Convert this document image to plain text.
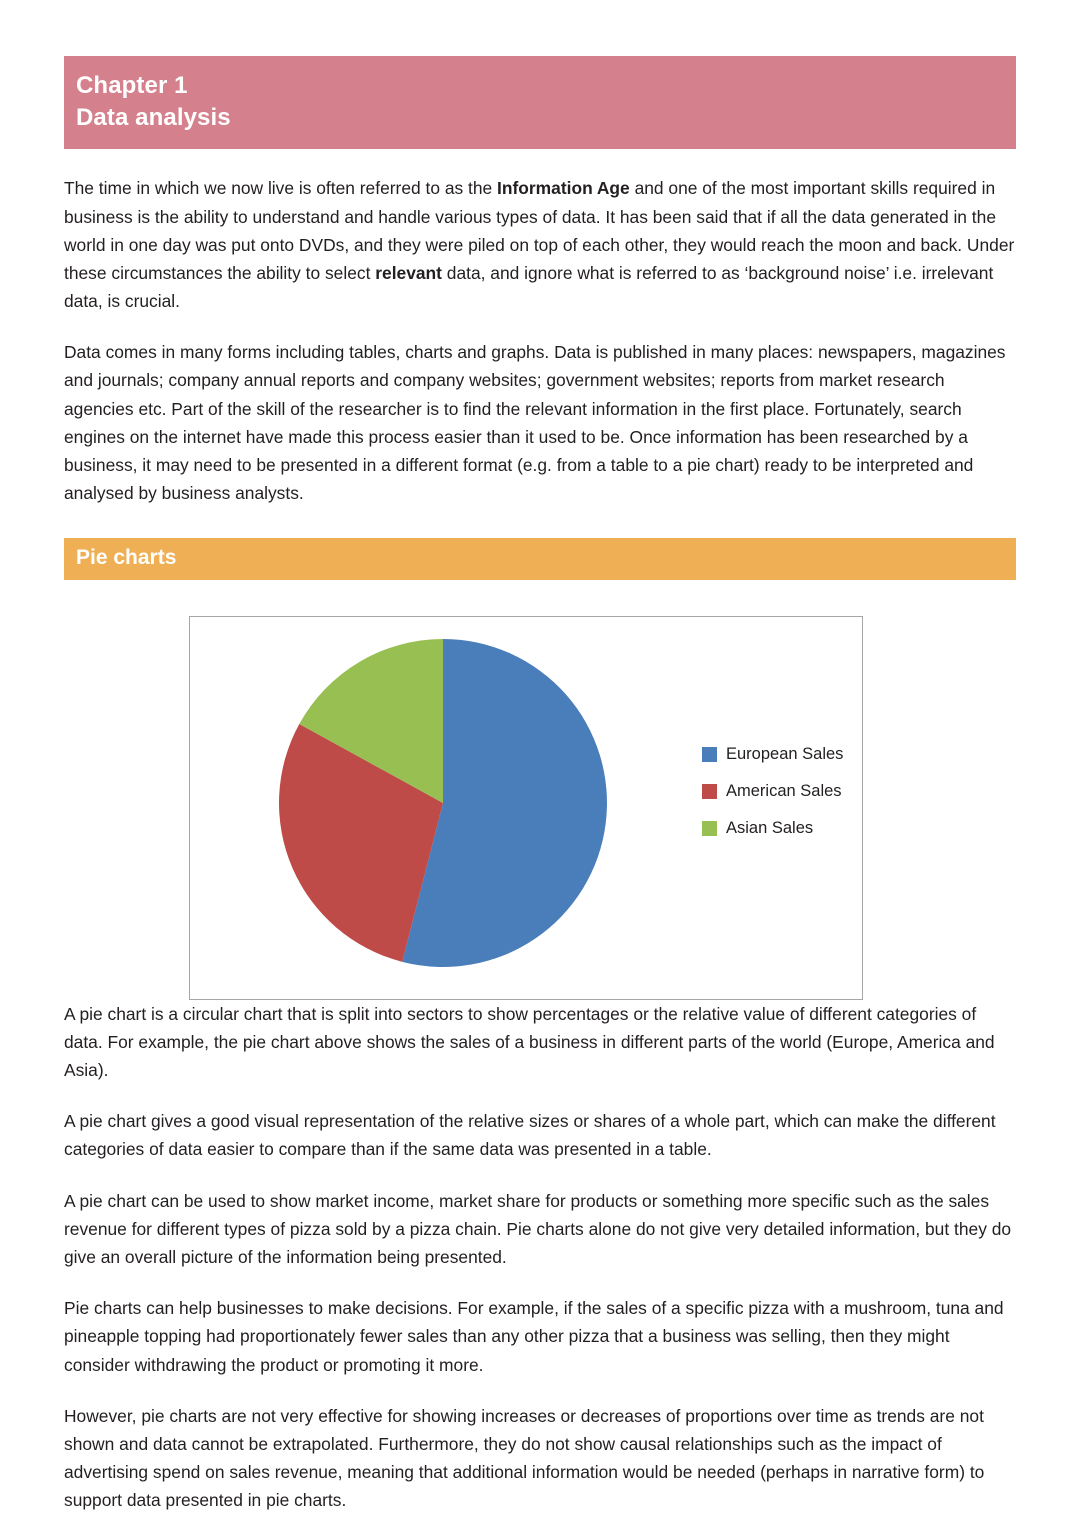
Chapter 1
Data analysis

The time in which we now live is often referred to as the Information Age and one of the most important skills required in business is the ability to understand and handle various types of data. It has been said that if all the data generated in the world in one day was put onto DVDs, and they were piled on top of each other, they would reach the moon and back. Under these circumstances the ability to select relevant data, and ignore what is referred to as ‘background noise’ i.e. irrelevant data, is crucial.

Data comes in many forms including tables, charts and graphs. Data is published in many places: newspapers, magazines and journals; company annual reports and company websites; government websites; reports from market research agencies etc. Part of the skill of the researcher is to find the relevant information in the first place. Fortunately, search engines on the internet have made this process easier than it used to be. Once information has been researched by a business, it may need to be presented in a different format (e.g. from a table to a pie chart) ready to be interpreted and analysed by business analysts.

Pie charts
European Sales
American Sales
Asian Sales

A pie chart is a circular chart that is split into sectors to show percentages or the relative value of different categories of data. For example, the pie chart above shows the sales of a business in different parts of the world (Europe, America and Asia).

A pie chart gives a good visual representation of the relative sizes or shares of a whole part, which can make the different categories of data easier to compare than if the same data was presented in a table.

A pie chart can be used to show market income, market share for products or something more specific such as the sales revenue for different types of pizza sold by a pizza chain. Pie charts alone do not give very detailed information, but they do give an overall picture of the information being presented.

Pie charts can help businesses to make decisions. For example, if the sales of a specific pizza with a mushroom, tuna and pineapple topping had proportionately fewer sales than any other pizza that a business was selling, then they might consider withdrawing the product or promoting it more.

However, pie charts are not very effective for showing increases or decreases of proportions over time as trends are not shown and data cannot be extrapolated. Furthermore, they do not show causal relationships such as the impact of advertising spend on sales revenue, meaning that additional information would be needed (perhaps in narrative form) to support data presented in pie charts.
